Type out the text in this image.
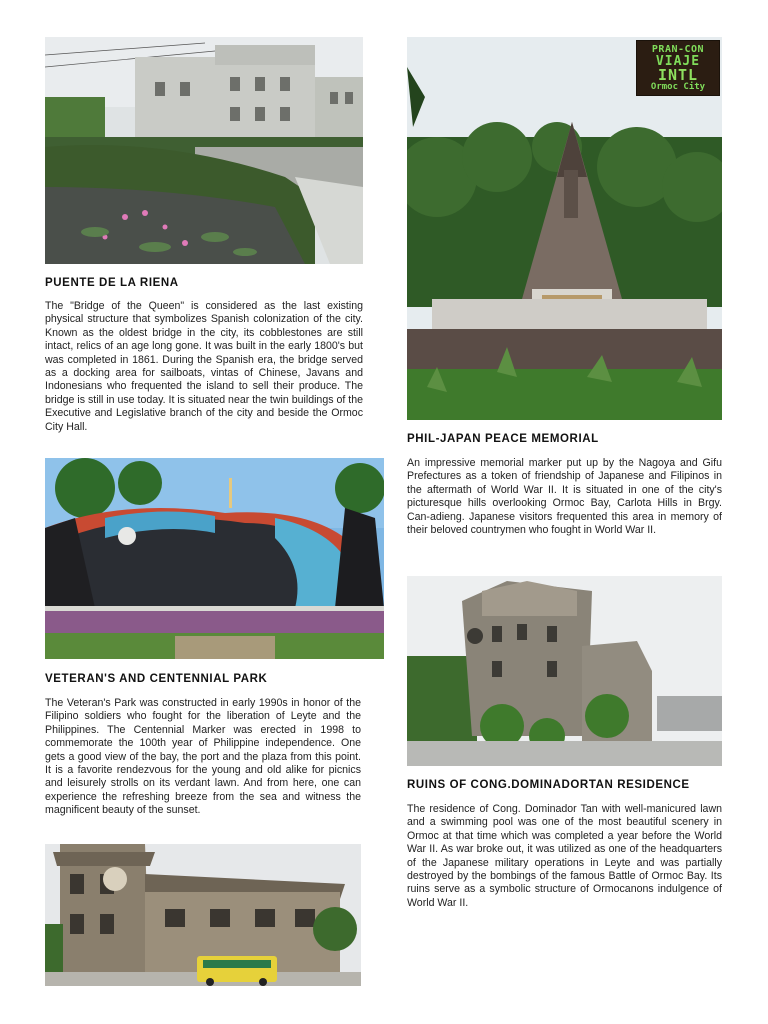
PUENTE DE LA RIENA

The "Bridge of the Queen" is considered as the last existing physical structure that symbolizes Spanish colonization of the city. Known as the oldest bridge in the city, its cobblestones are still intact, relics of an age long gone. It was built in the early 1800's but was completed in 1861. During the Spanish era, the bridge served as a docking area for sailboats, vintas of Chinese, Javans and Indonesians who frequented the island to sell their produce. The bridge is still in use today. It is situated near the twin buildings of the Executive and Legislative branch of the city and beside the Ormoc City Hall.

PRAN-CON
VIAJE
INTL
Ormoc City
PHIL-JAPAN PEACE MEMORIAL

An impressive memorial marker put up by the Nagoya and Gifu Prefectures as a token of friendship of Japanese and Filipinos in the aftermath of World War II. It is situated in one of the city's picturesque hills overlooking Ormoc Bay, Carlota Hills in Brgy. Can-adieng. Japanese visitors frequented this area in memory of their beloved countrymen who fought in World War II.

VETERAN'S AND CENTENNIAL PARK

The Veteran's Park was constructed in early 1990s in honor of the Filipino soldiers who fought for the liberation of Leyte and the Philippines. The Centennial Marker was erected in 1998 to commemorate the 100th year of Philippine independence. One gets a good view of the bay, the port and the plaza from this point. It is a favorite rendezvous for the young and old alike for picnics and leisurely strolls on its verdant lawn. And from here, one can experience the refreshing breeze from the sea and witness the magnificent beauty of the sunset.

RUINS OF CONG.DOMINADORTAN RESIDENCE

The residence of Cong. Dominador Tan with well-manicured lawn and a swimming pool was one of the most beautiful scenery in Ormoc at that time which was completed a year before the World War II. As war broke out, it was utilized as one of the headquarters of the Japanese military operations in Leyte and was partially destroyed by the bombings of the famous Battle of Ormoc Bay. Its ruins serve as a symbolic structure of Ormocanons indulgence of World War II.
